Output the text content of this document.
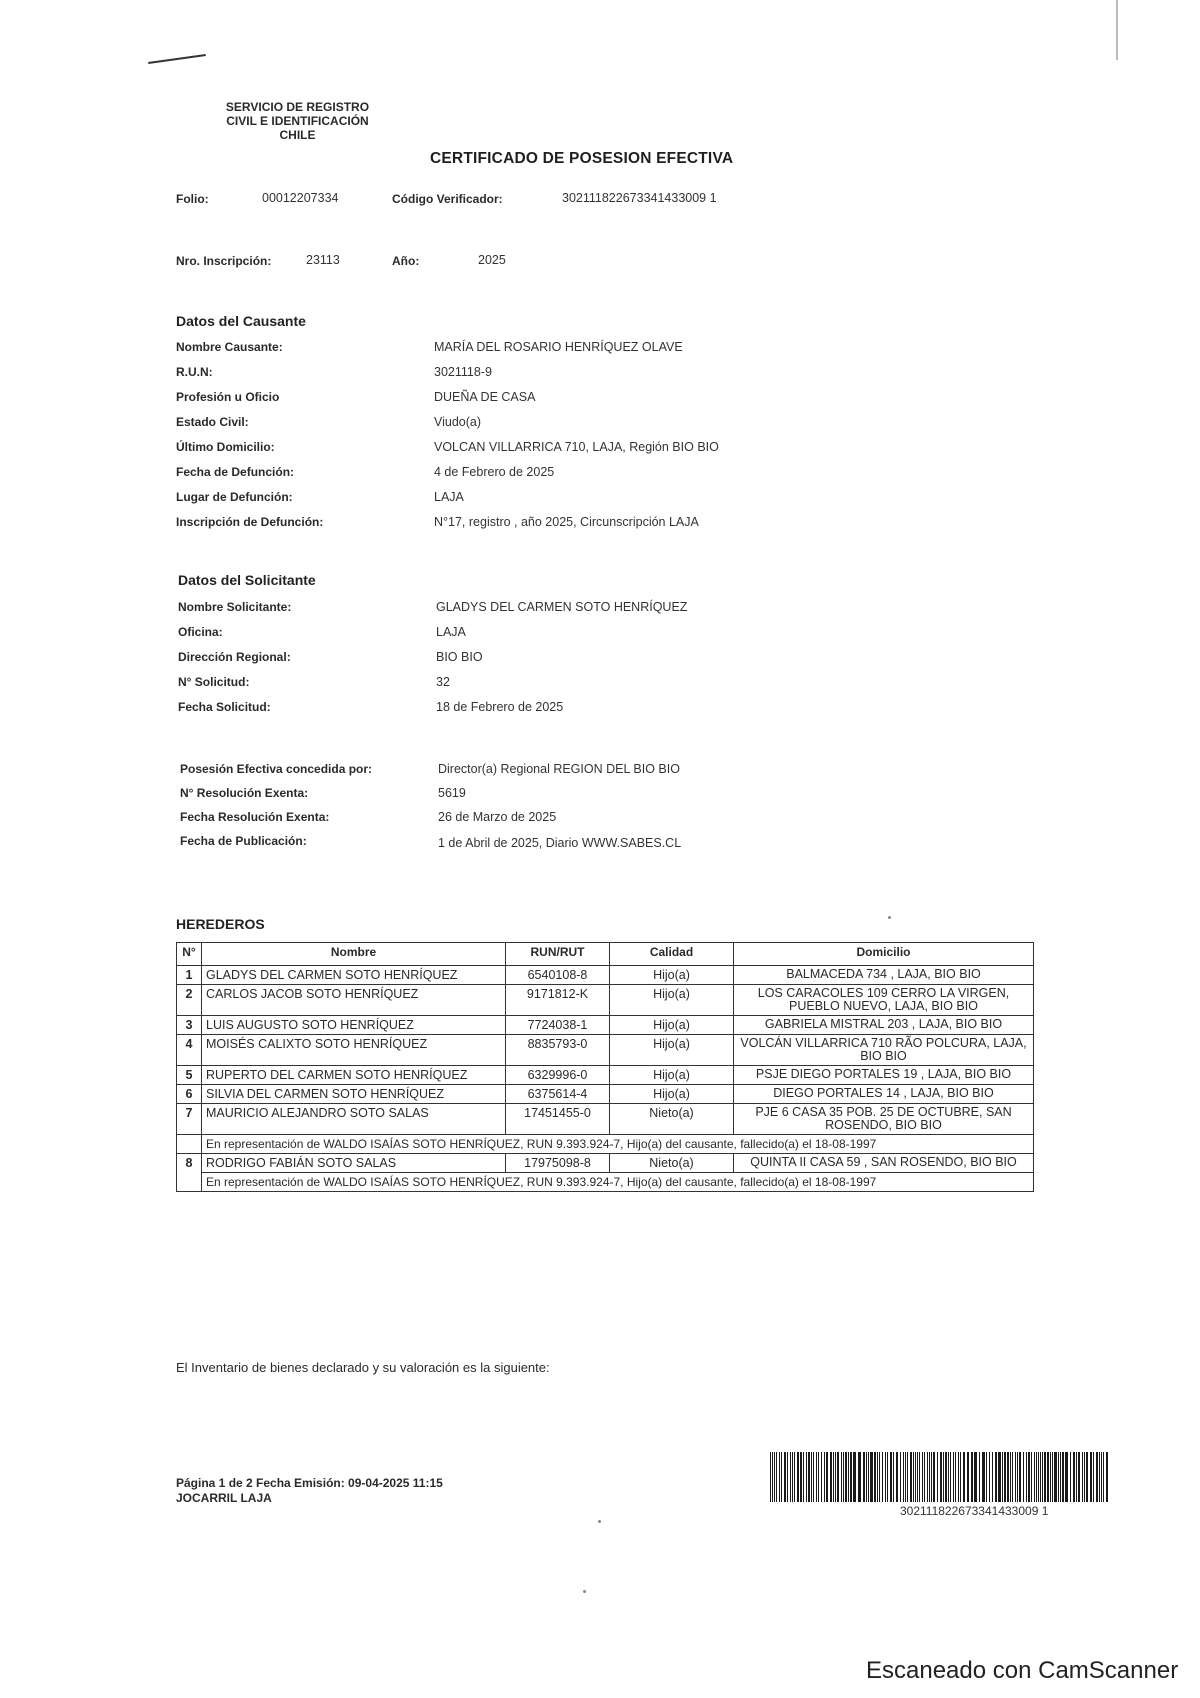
SERVICIO DE REGISTRO
CIVIL E IDENTIFICACIÓN
CHILE
CERTIFICADO DE POSESION EFECTIVA
Folio:	00012207334	Código Verificador:	302111822673341433009 1
Nro. Inscripción:	23113	Año:	2025
Datos del Causante
Nombre Causante:	MARÍA DEL ROSARIO HENRÍQUEZ OLAVE
R.U.N:	3021118-9
Profesión u Oficio	DUEÑA DE CASA
Estado Civil:	Viudo(a)
Último Domicilio:	VOLCAN VILLARRICA 710, LAJA, Región BIO BIO
Fecha de Defunción:	4 de Febrero de 2025
Lugar de Defunción:	LAJA
Inscripción de Defunción:	N°17, registro , año 2025, Circunscripción LAJA
Datos del Solicitante
Nombre Solicitante:	GLADYS DEL CARMEN SOTO HENRÍQUEZ
Oficina:	LAJA
Dirección Regional:	BIO BIO
N° Solicitud:	32
Fecha Solicitud:	18 de Febrero de 2025
Posesión Efectiva concedida por:	Director(a) Regional REGION DEL BIO BIO
N° Resolución Exenta:	5619
Fecha Resolución Exenta:	26 de Marzo de 2025
Fecha de Publicación:	1 de Abril de 2025, Diario WWW.SABES.CL
HEREDEROS
N°	Nombre	RUN/RUT	Calidad	Domicilio
1	GLADYS DEL CARMEN SOTO HENRÍQUEZ	6540108-8	Hijo(a)	BALMACEDA 734 , LAJA, BIO BIO
2	CARLOS JACOB SOTO HENRÍQUEZ	9171812-K	Hijo(a)	LOS CARACOLES 109 CERRO LA VIRGEN, PUEBLO NUEVO, LAJA, BIO BIO
3	LUIS AUGUSTO SOTO HENRÍQUEZ	7724038-1	Hijo(a)	GABRIELA MISTRAL 203 , LAJA, BIO BIO
4	MOISÉS CALIXTO SOTO HENRÍQUEZ	8835793-0	Hijo(a)	VOLCÁN VILLARRICA 710 RÃO POLCURA, LAJA, BIO BIO
5	RUPERTO DEL CARMEN SOTO HENRÍQUEZ	6329996-0	Hijo(a)	PSJE DIEGO PORTALES 19 , LAJA, BIO BIO
6	SILVIA DEL CARMEN SOTO HENRÍQUEZ	6375614-4	Hijo(a)	DIEGO PORTALES 14 , LAJA, BIO BIO
7	MAURICIO ALEJANDRO SOTO SALAS	17451455-0	Nieto(a)	PJE 6 CASA 35 POB. 25 DE OCTUBRE, SAN ROSENDO, BIO BIO
	En representación de WALDO ISAÍAS SOTO HENRÍQUEZ, RUN 9.393.924-7, Hijo(a) del causante, fallecido(a) el 18-08-1997			
8	RODRIGO FABIÁN SOTO SALAS	17975098-8	Nieto(a)	QUINTA II CASA 59 , SAN ROSENDO, BIO BIO
	En representación de WALDO ISAÍAS SOTO HENRÍQUEZ, RUN 9.393.924-7, Hijo(a) del causante, fallecido(a) el 18-08-1997			
El Inventario de bienes declarado y su valoración es la siguiente:
Página 1 de 2 Fecha Emisión: 09-04-2025 11:15
JOCARRIL LAJA
302111822673341433009 1
Escaneado con CamScanner
